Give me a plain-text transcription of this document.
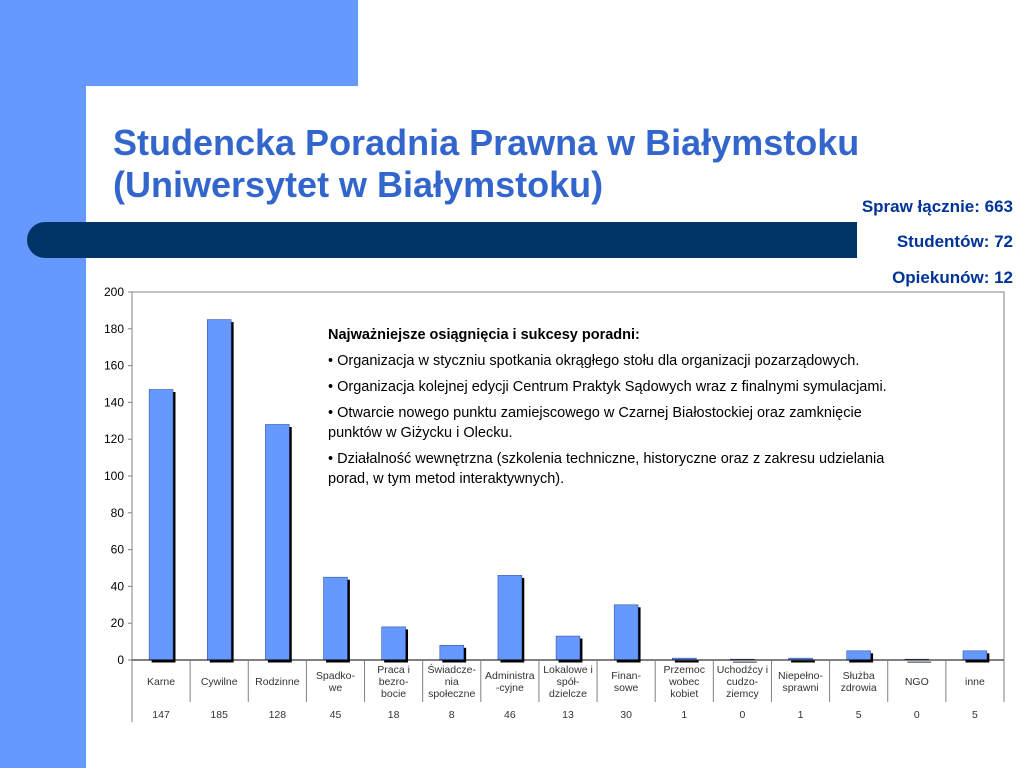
Studencka Poradnia Prawna w Białymstoku
(Uniwersytet w Białymstoku)
Spraw łącznie: 663
Studentów: 72
Opiekunów: 12
0
20
40
60
80
100
120
140
160
180
200
Karne
147
Cywilne
185
Rodzinne
128
Spadko-we
45
Praca i bezro-bocie
18
Świadcze-nia społeczne
8
Administra -cyjne
46
Lokalowe i spół-dzielcze
13
Finan-sowe
30
Przemoc wobec kobiet
1
Uchodźcy i cudzo-ziemcy
0
Niepełno-sprawni
1
Służba zdrowia
5
NGO
0
inne
5

Najważniejsze osiągnięcia i sukcesy poradni:

• Organizacja w styczniu spotkania okrągłego stołu dla organizacji pozarządowych.

• Organizacja kolejnej edycji Centrum Praktyk Sądowych wraz z finalnymi symulacjami.

• Otwarcie nowego punktu zamiejscowego w Czarnej Białostockiej oraz zamknięcie punktów w Giżycku i Olecku.

• Działalność wewnętrzna (szkolenia techniczne, historyczne oraz z zakresu udzielania porad, w tym metod interaktywnych).
